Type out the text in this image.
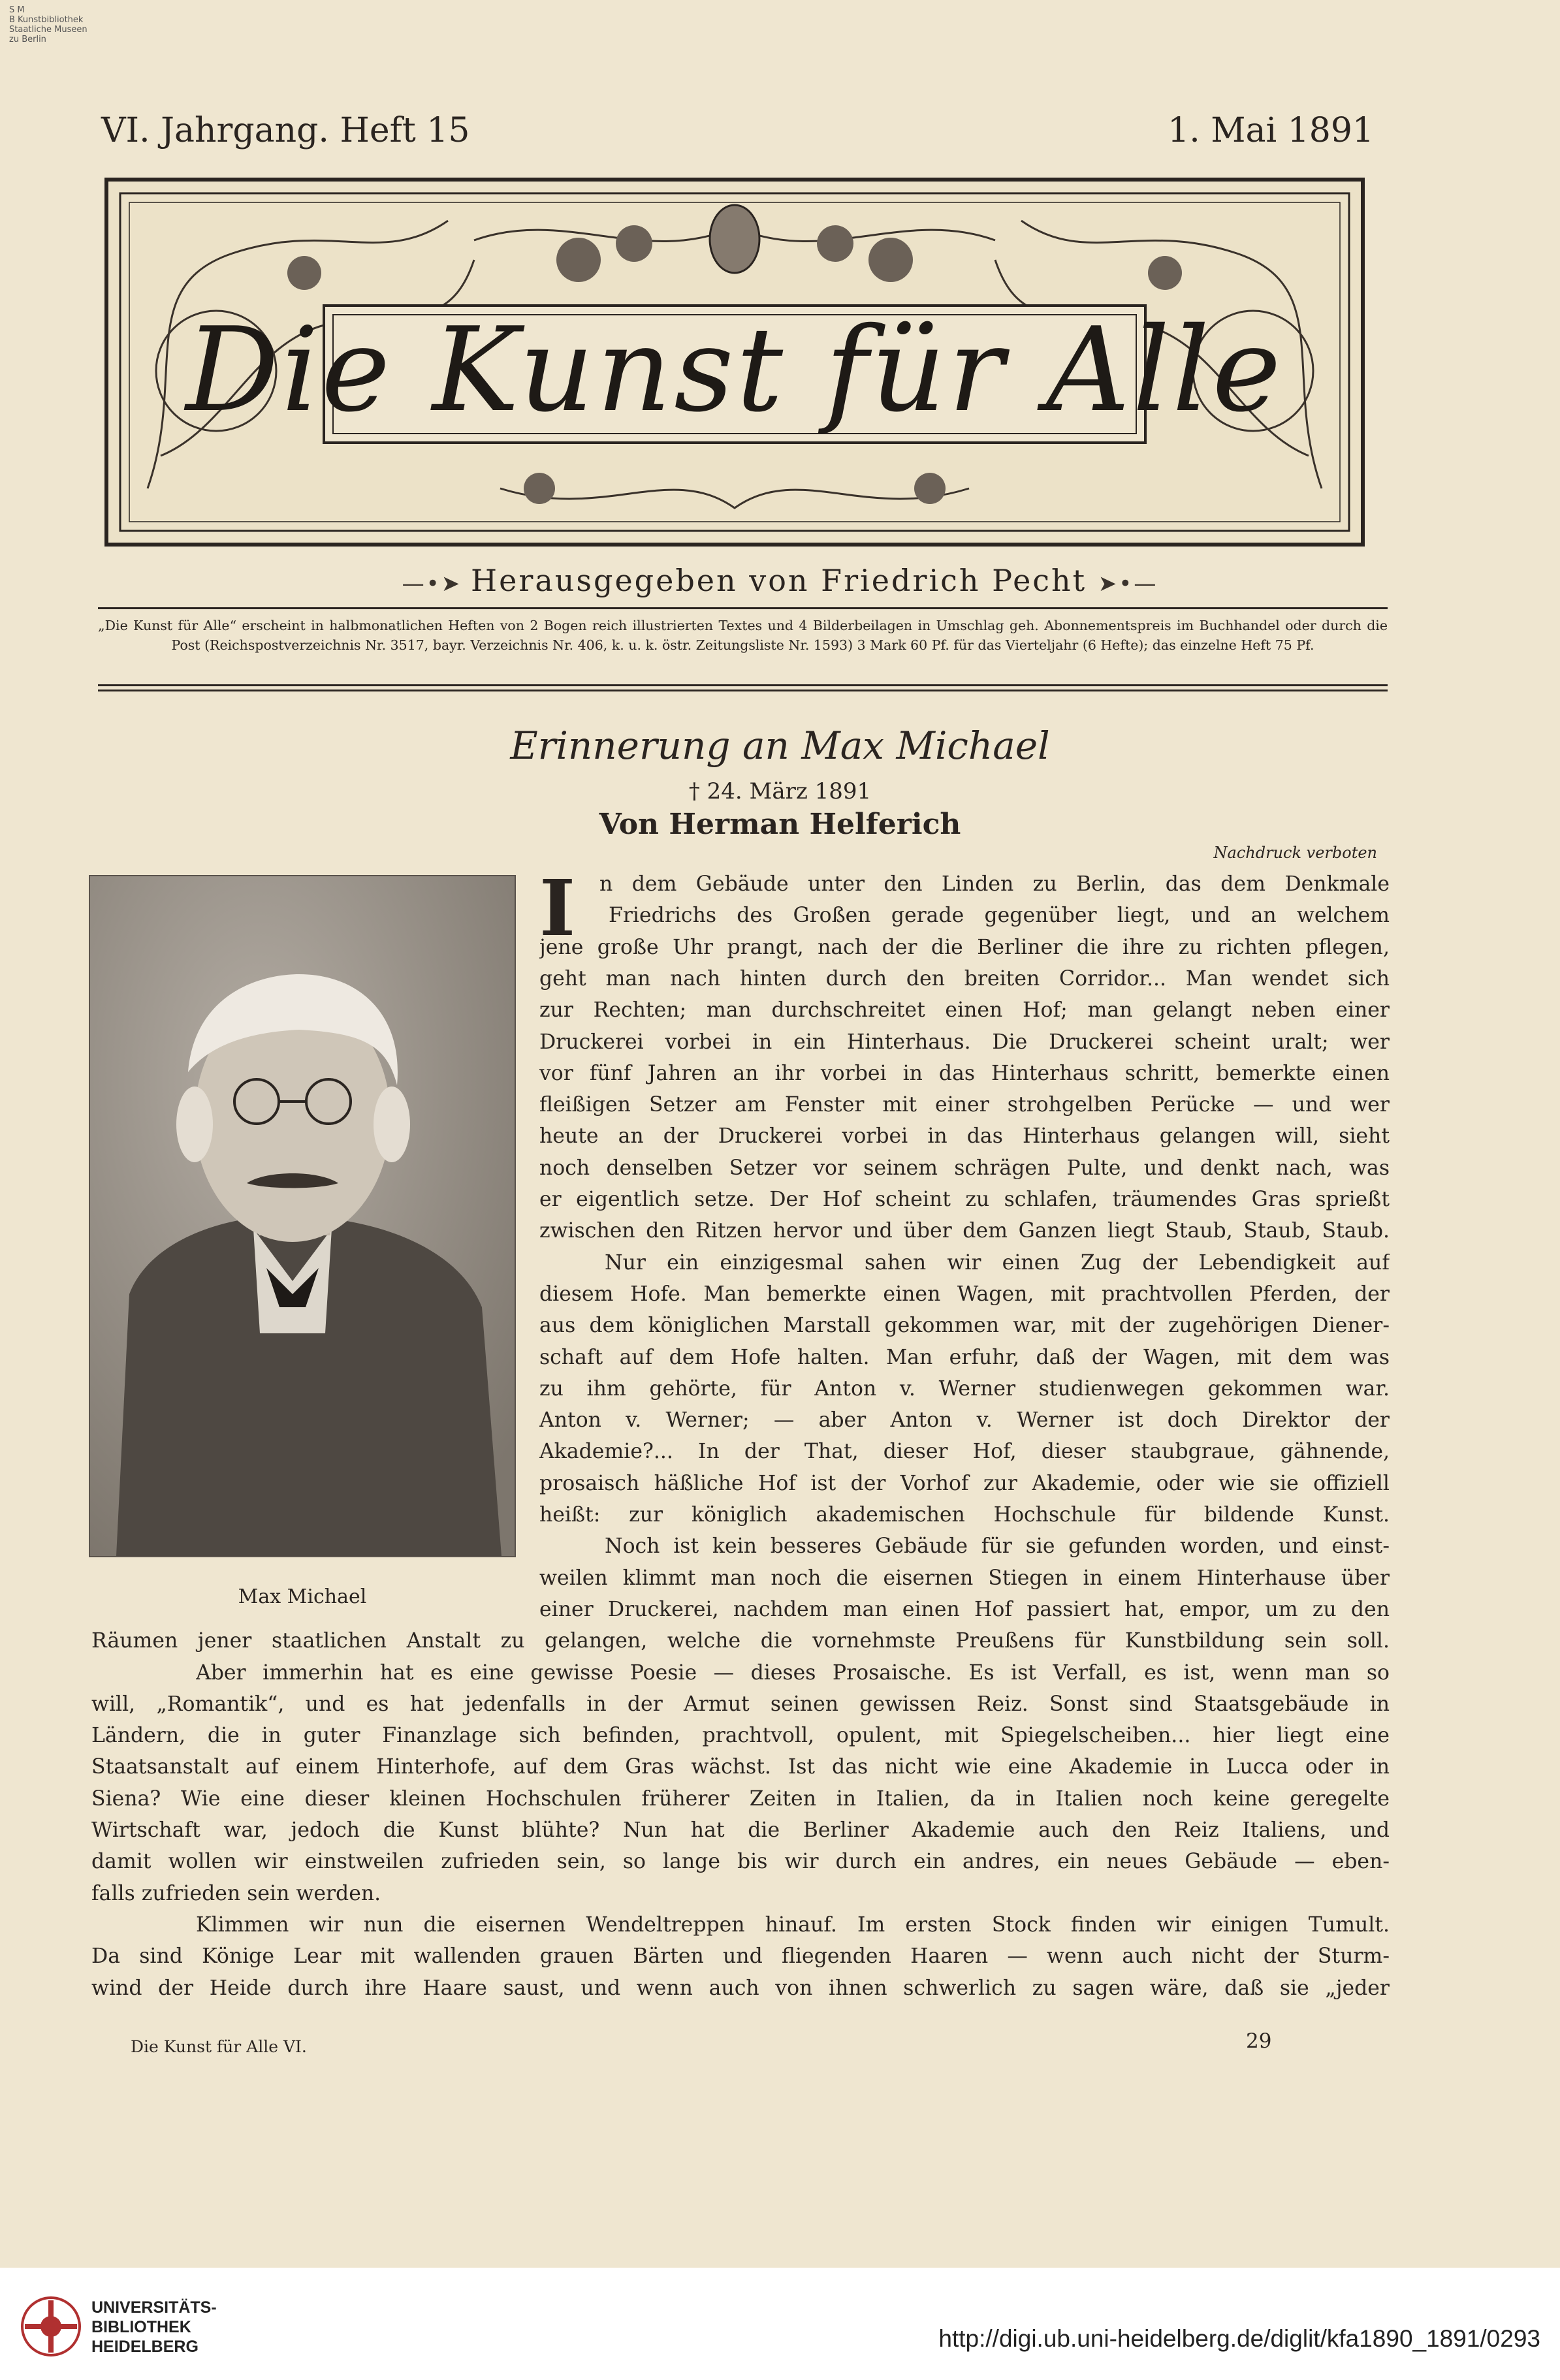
S M
B Kunstbibliothek
Staatliche Museen
zu Berlin
VI. Jahrgang. Heft 15	1. Mai 1891
Die Kunst für Alle
—•➤ Herausgegeben von Friedrich Pecht ➤•—
„Die Kunst für Alle“ erscheint in halbmonatlichen Heften von 2 Bogen reich illustrierten Textes und 4 Bilderbeilagen in Umschlag geh. Abonnementspreis im Buchhandel oder durch die Post (Reichspostverzeichnis Nr. 3517, bayr. Verzeichnis Nr. 406, k. u. k. östr. Zeitungsliste Nr. 1593) 3 Mark 60 Pf. für das Vierteljahr (6 Hefte); das einzelne Heft 75 Pf.
Erinnerung an Max Michael
† 24. März 1891
Von Herman Helferich
Nachdruck verboten
Max Michael
I n dem Gebäude unter den Linden zu Berlin, das dem Denkmale
Friedrichs des Großen gerade gegenüber liegt, und an welchem
jene große Uhr prangt, nach der die Berliner die ihre zu richten pflegen,
geht man nach hinten durch den breiten Corridor... Man wendet sich
zur Rechten; man durchschreitet einen Hof; man gelangt neben einer
Druckerei vorbei in ein Hinterhaus. Die Druckerei scheint uralt; wer
vor fünf Jahren an ihr vorbei in das Hinterhaus schritt, bemerkte einen
fleißigen Setzer am Fenster mit einer strohgelben Perücke — und wer
heute an der Druckerei vorbei in das Hinterhaus gelangen will, sieht
noch denselben Setzer vor seinem schrägen Pulte, und denkt nach, was
er eigentlich setze. Der Hof scheint zu schlafen, träumendes Gras sprießt
zwischen den Ritzen hervor und über dem Ganzen liegt Staub, Staub, Staub.
Nur ein einzigesmal sahen wir einen Zug der Lebendigkeit auf
diesem Hofe. Man bemerkte einen Wagen, mit prachtvollen Pferden, der
aus dem königlichen Marstall gekommen war, mit der zugehörigen Diener-
schaft auf dem Hofe halten. Man erfuhr, daß der Wagen, mit dem was
zu ihm gehörte, für Anton v. Werner studienwegen gekommen war.
Anton v. Werner; — aber Anton v. Werner ist doch Direktor der
Akademie?... In der That, dieser Hof, dieser staubgraue, gähnende,
prosaisch häßliche Hof ist der Vorhof zur Akademie, oder wie sie offiziell
heißt: zur königlich akademischen Hochschule für bildende Kunst.
Noch ist kein besseres Gebäude für sie gefunden worden, und einst-
weilen klimmt man noch die eisernen Stiegen in einem Hinterhause über
einer Druckerei, nachdem man einen Hof passiert hat, empor, um zu den
Räumen jener staatlichen Anstalt zu gelangen, welche die vornehmste Preußens für Kunstbildung sein soll.
Aber immerhin hat es eine gewisse Poesie — dieses Prosaische. Es ist Verfall, es ist, wenn man so
will, „Romantik“, und es hat jedenfalls in der Armut seinen gewissen Reiz. Sonst sind Staatsgebäude in
Ländern, die in guter Finanzlage sich befinden, prachtvoll, opulent, mit Spiegelscheiben... hier liegt eine
Staatsanstalt auf einem Hinterhofe, auf dem Gras wächst. Ist das nicht wie eine Akademie in Lucca oder in
Siena? Wie eine dieser kleinen Hochschulen früherer Zeiten in Italien, da in Italien noch keine geregelte
Wirtschaft war, jedoch die Kunst blühte? Nun hat die Berliner Akademie auch den Reiz Italiens, und
damit wollen wir einstweilen zufrieden sein, so lange bis wir durch ein andres, ein neues Gebäude — eben-
falls zufrieden sein werden.
Klimmen wir nun die eisernen Wendeltreppen hinauf. Im ersten Stock finden wir einigen Tumult.
Da sind Könige Lear mit wallenden grauen Bärten und fliegenden Haaren — wenn auch nicht der Sturm-
wind der Heide durch ihre Haare saust, und wenn auch von ihnen schwerlich zu sagen wäre, daß sie „jeder
Die Kunst für Alle VI.	29
UNIVERSITÄTS-
BIBLIOTHEK
HEIDELBERG	http://digi.ub.uni-heidelberg.de/diglit/kfa1890_1891/0293
